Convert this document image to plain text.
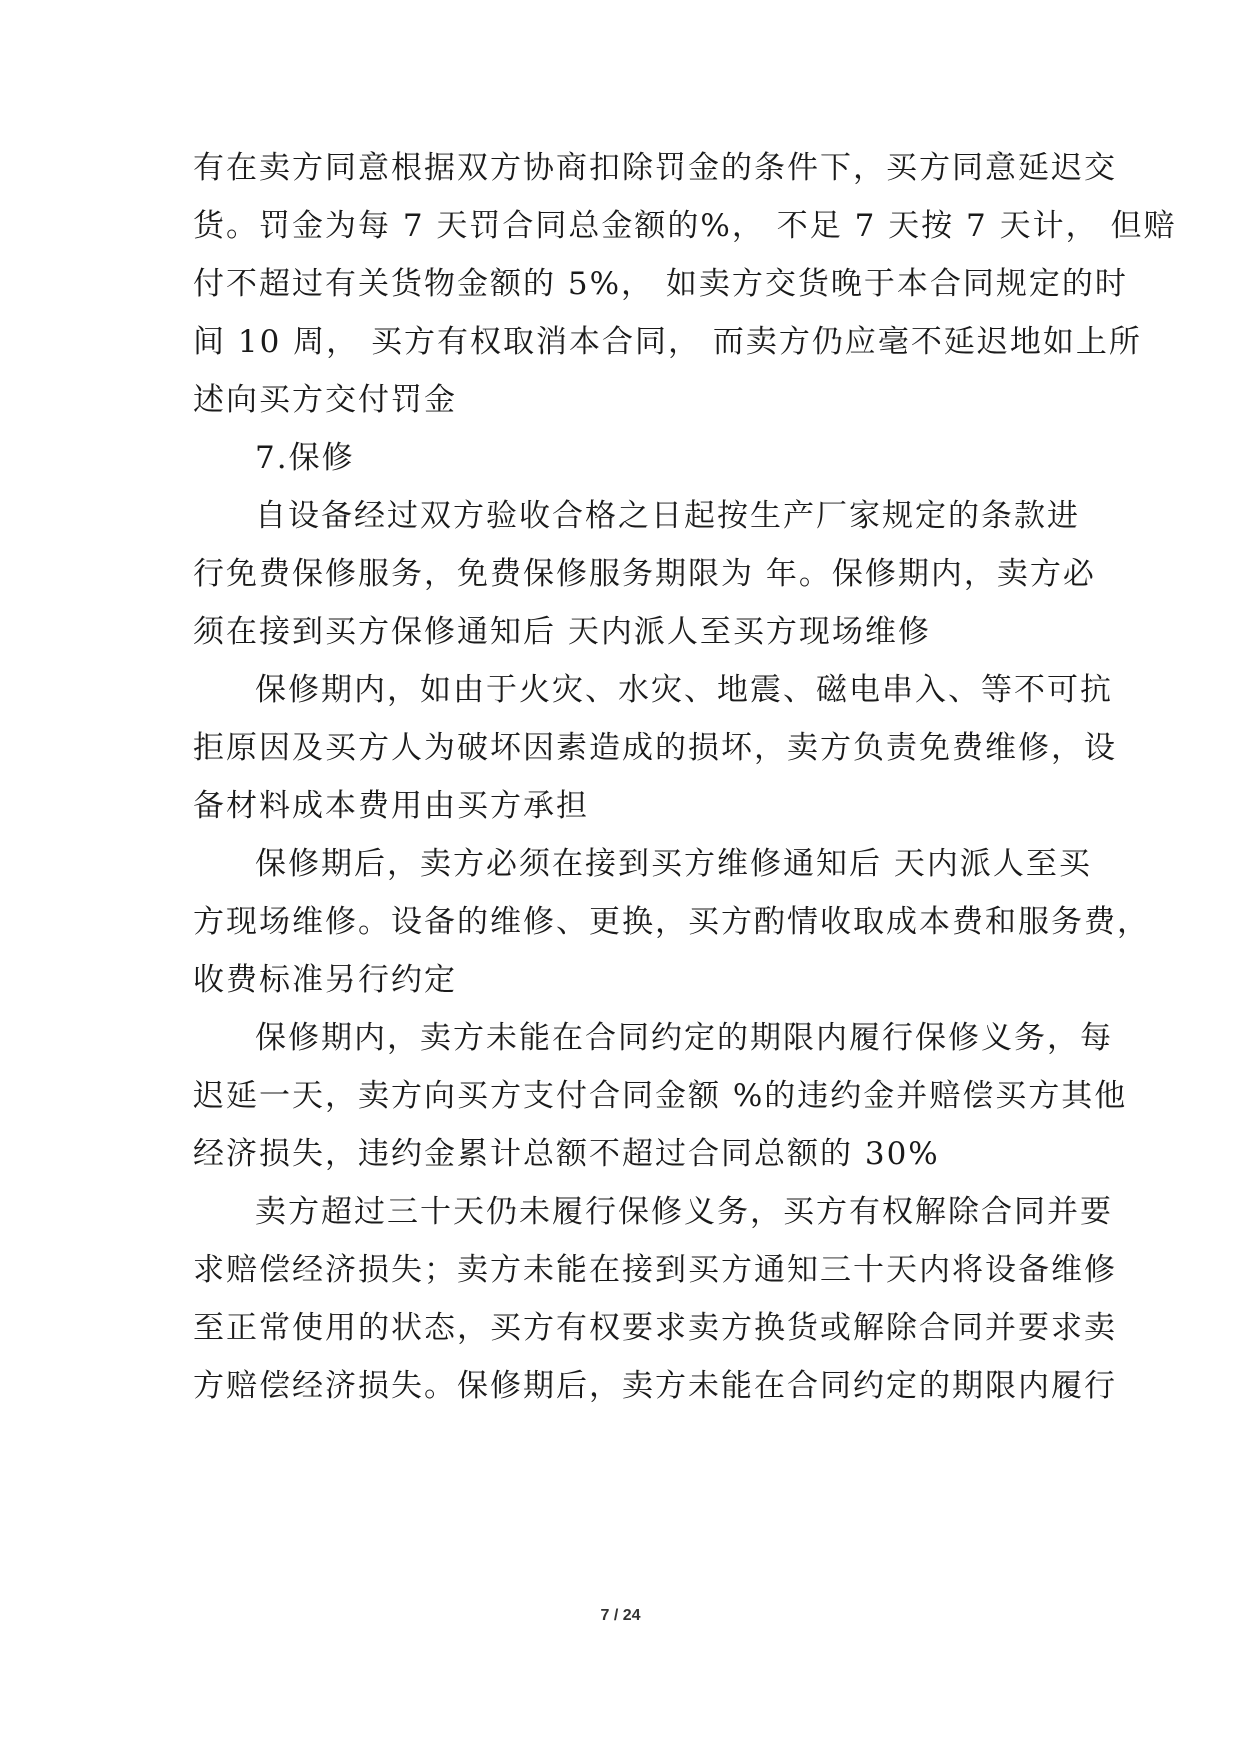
有在卖方同意根据双方协商扣除罚金的条件下，买方同意延迟交
货。罚金为每 7 天罚合同总金额的%， 不足 7 天按 7 天计， 但赔
付不超过有关货物金额的 5%， 如卖方交货晚于本合同规定的时
间 10 周， 买方有权取消本合同， 而卖方仍应毫不延迟地如上所
述向买方交付罚金
7.保修
自设备经过双方验收合格之日起按生产厂家规定的条款进
行免费保修服务，免费保修服务期限为 年。保修期内，卖方必
须在接到买方保修通知后 天内派人至买方现场维修
保修期内，如由于火灾、水灾、地震、磁电串入、等不可抗
拒原因及买方人为破坏因素造成的损坏，卖方负责免费维修，设
备材料成本费用由买方承担
保修期后，卖方必须在接到买方维修通知后 天内派人至买
方现场维修。设备的维修、更换，买方酌情收取成本费和服务费，
收费标准另行约定
保修期内，卖方未能在合同约定的期限内履行保修义务，每
迟延一天，卖方向买方支付合同金额 %的违约金并赔偿买方其他
经济损失，违约金累计总额不超过合同总额的 30%
卖方超过三十天仍未履行保修义务，买方有权解除合同并要
求赔偿经济损失；卖方未能在接到买方通知三十天内将设备维修
至正常使用的状态，买方有权要求卖方换货或解除合同并要求卖
方赔偿经济损失。保修期后，卖方未能在合同约定的期限内履行
7 / 24
